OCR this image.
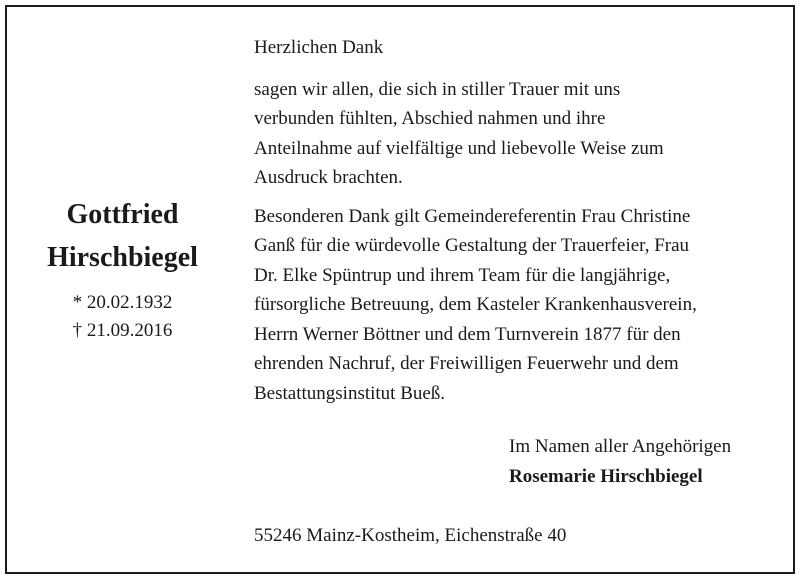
Gottfried
Hirschbiegel
* 20.02.1932
† 21.09.2016
Herzlichen Dank
sagen wir allen, die sich in stiller Trauer mit uns
verbunden fühlten, Abschied nahmen und ihre
Anteilnahme auf vielfältige und liebevolle Weise zum
Ausdruck brachten.
Besonderen Dank gilt Gemeindereferentin Frau Christine
Ganß für die würdevolle Gestaltung der Trauerfeier, Frau
Dr. Elke Spüntrup und ihrem Team für die langjährige,
fürsorgliche Betreuung, dem Kasteler Krankenhausverein,
Herrn Werner Böttner und dem Turnverein 1877 für den
ehrenden Nachruf, der Freiwilligen Feuerwehr und dem
Bestattungsinstitut Bueß.
Im Namen aller Angehörigen
Rosemarie Hirschbiegel
55246 Mainz-Kostheim, Eichenstraße 40
